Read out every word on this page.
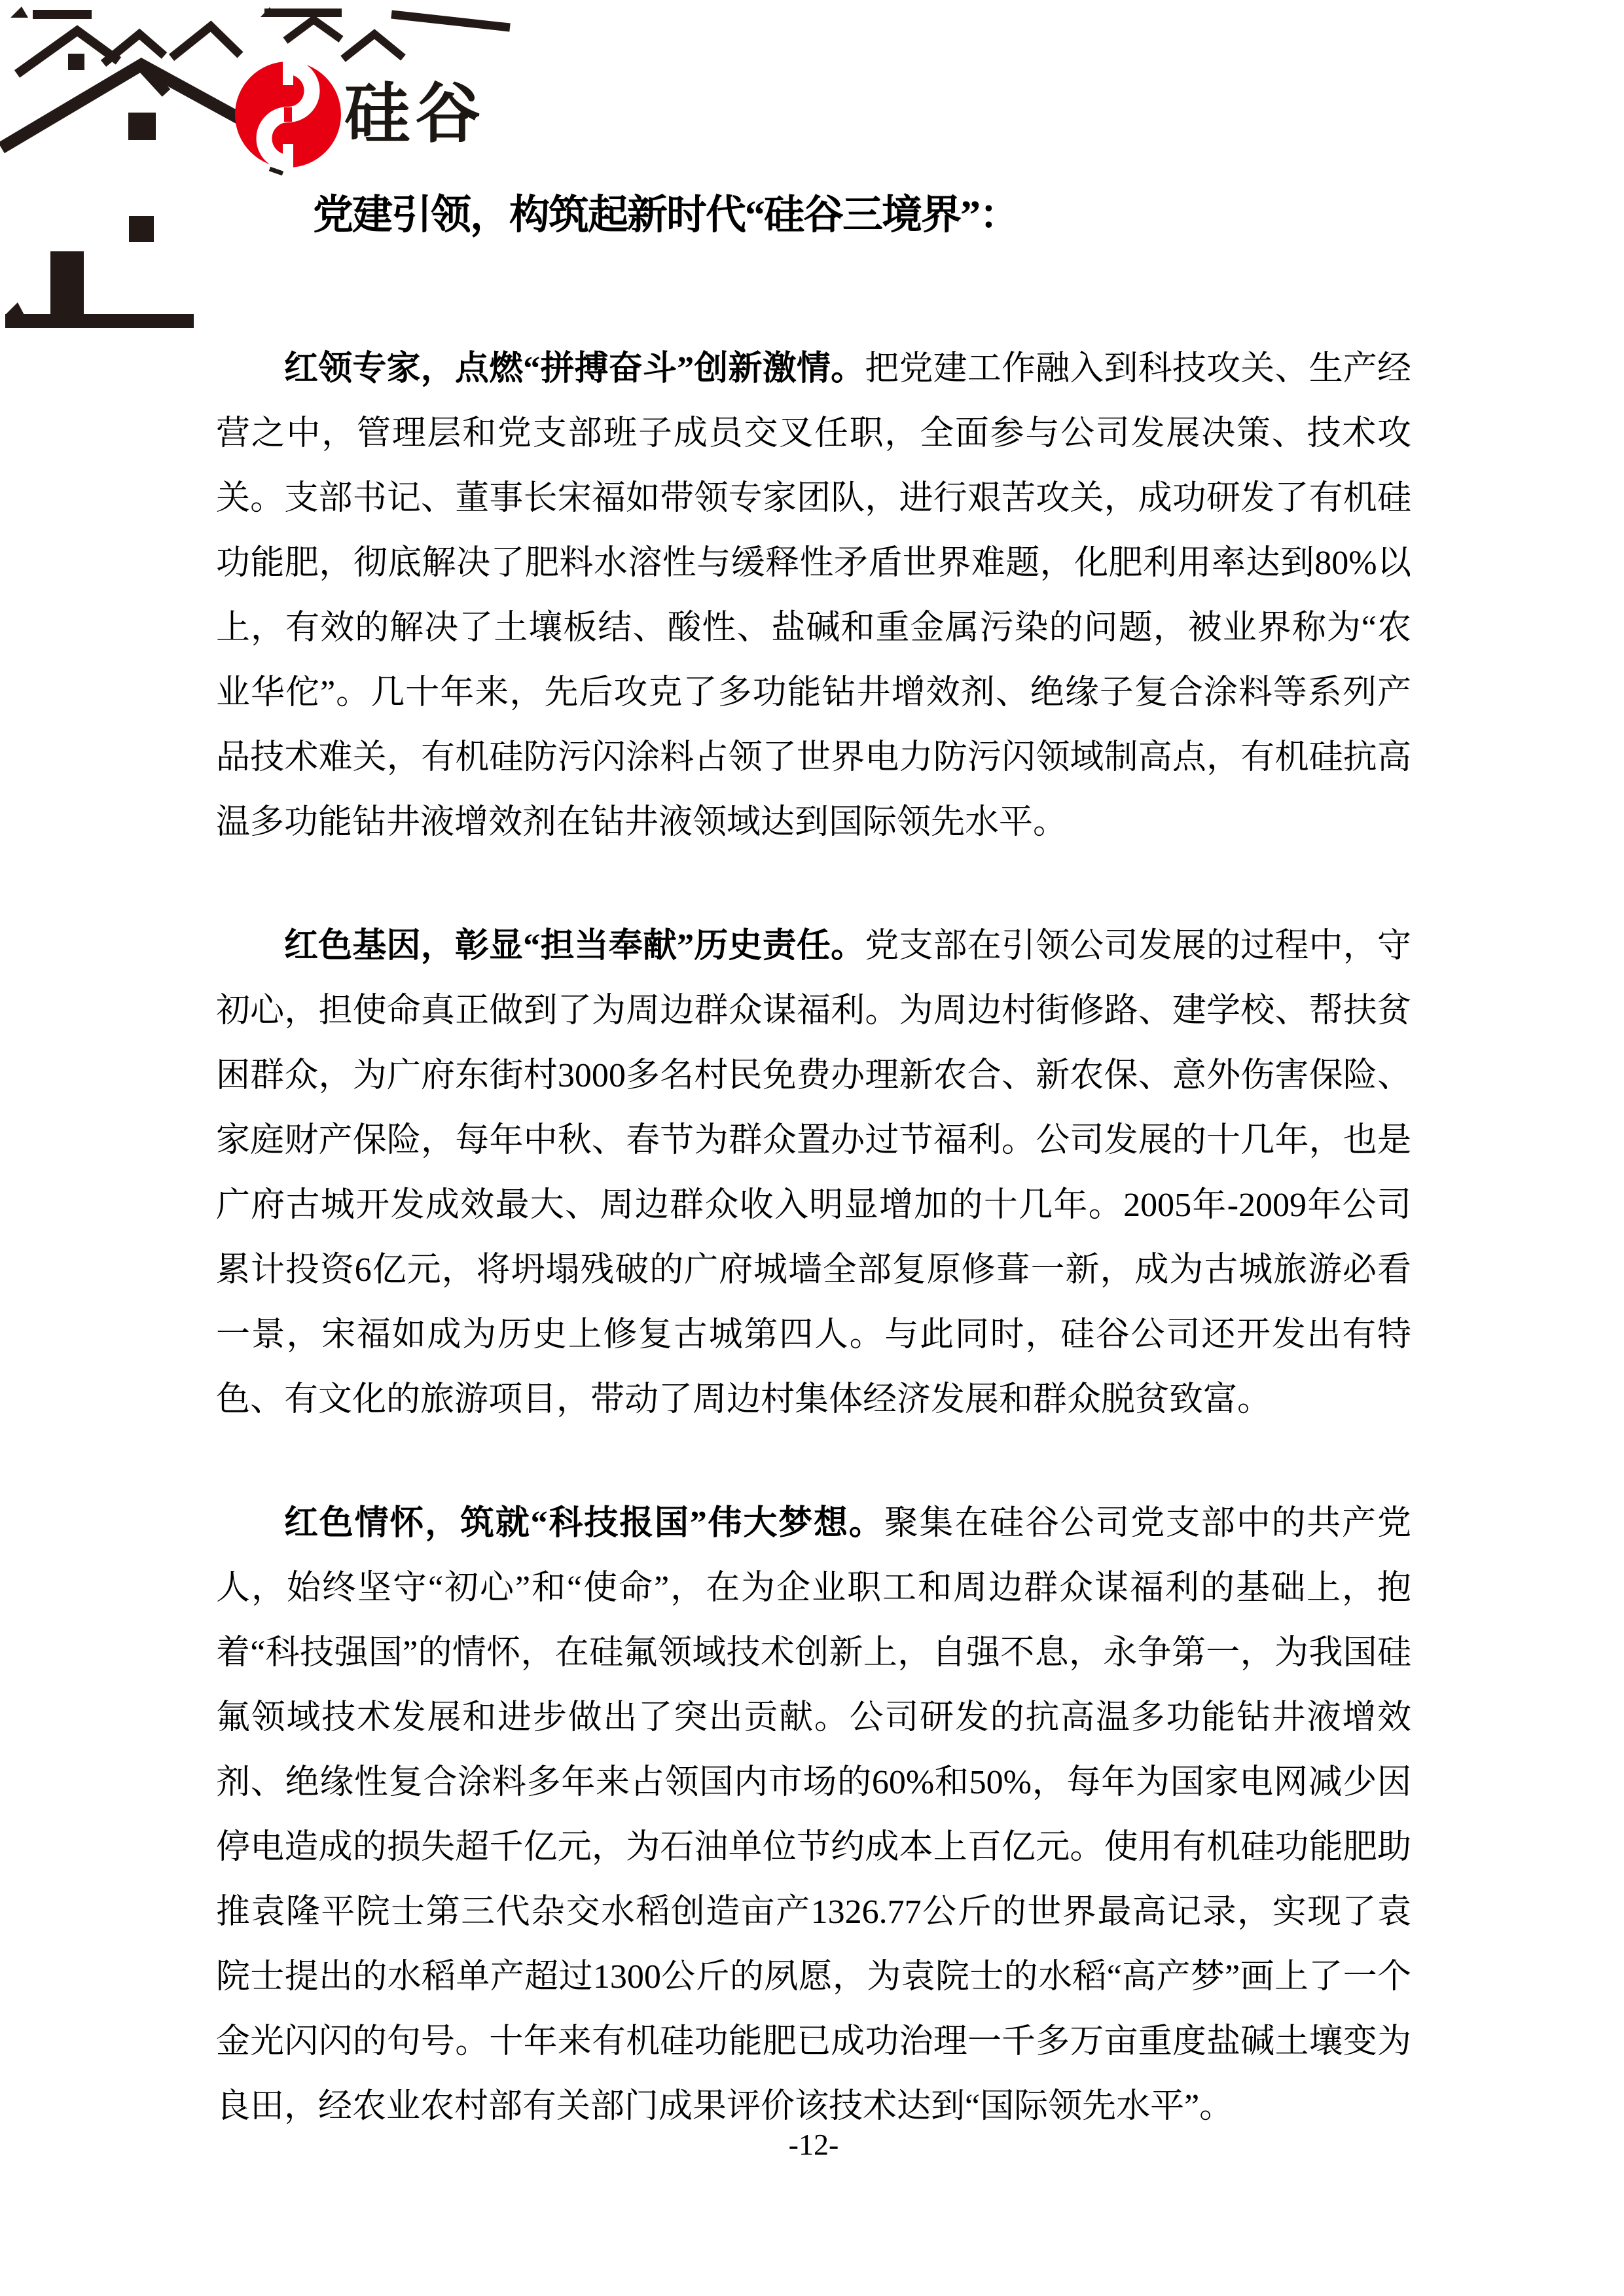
硅谷
党建引领，构筑起新时代“硅谷三境界”：

红领专家，点燃“拼搏奋斗”创新激情。把党建工作融入到科技攻关、生产经营之中，管理层和党支部班子成员交叉任职，全面参与公司发展决策、技术攻关。支部书记、董事长宋福如带领专家团队，进行艰苦攻关，成功研发了有机硅功能肥，彻底解决了肥料水溶性与缓释性矛盾世界难题，化肥利用率达到80%以上，有效的解决了土壤板结、酸性、盐碱和重金属污染的问题，被业界称为“农业华佗”。几十年来，先后攻克了多功能钻井增效剂、绝缘子复合涂料等系列产品技术难关，有机硅防污闪涂料占领了世界电力防污闪领域制高点，有机硅抗高温多功能钻井液增效剂在钻井液领域达到国际领先水平。

红色基因，彰显“担当奉献”历史责任。党支部在引领公司发展的过程中，守初心，担使命真正做到了为周边群众谋福利。为周边村街修路、建学校、帮扶贫困群众，为广府东街村3000多名村民免费办理新农合、新农保、意外伤害保险、家庭财产保险，每年中秋、春节为群众置办过节福利。公司发展的十几年，也是广府古城开发成效最大、周边群众收入明显增加的十几年。2005年-2009年公司累计投资6亿元，将坍塌残破的广府城墙全部复原修葺一新，成为古城旅游必看一景，宋福如成为历史上修复古城第四人。与此同时，硅谷公司还开发出有特色、有文化的旅游项目，带动了周边村集体经济发展和群众脱贫致富。

红色情怀，筑就“科技报国”伟大梦想。聚集在硅谷公司党支部中的共产党人，始终坚守“初心”和“使命”，在为企业职工和周边群众谋福利的基础上，抱着“科技强国”的情怀，在硅氟领域技术创新上，自强不息，永争第一，为我国硅氟领域技术发展和进步做出了突出贡献。公司研发的抗高温多功能钻井液增效剂、绝缘性复合涂料多年来占领国内市场的60%和50%，每年为国家电网减少因停电造成的损失超千亿元，为石油单位节约成本上百亿元。使用有机硅功能肥助推袁隆平院士第三代杂交水稻创造亩产1326.77公斤的世界最高记录，实现了袁院士提出的水稻单产超过1300公斤的夙愿，为袁院士的水稻“高产梦”画上了一个金光闪闪的句号。十年来有机硅功能肥已成功治理一千多万亩重度盐碱土壤变为良田，经农业农村部有关部门成果评价该技术达到“国际领先水平”。

-12-
